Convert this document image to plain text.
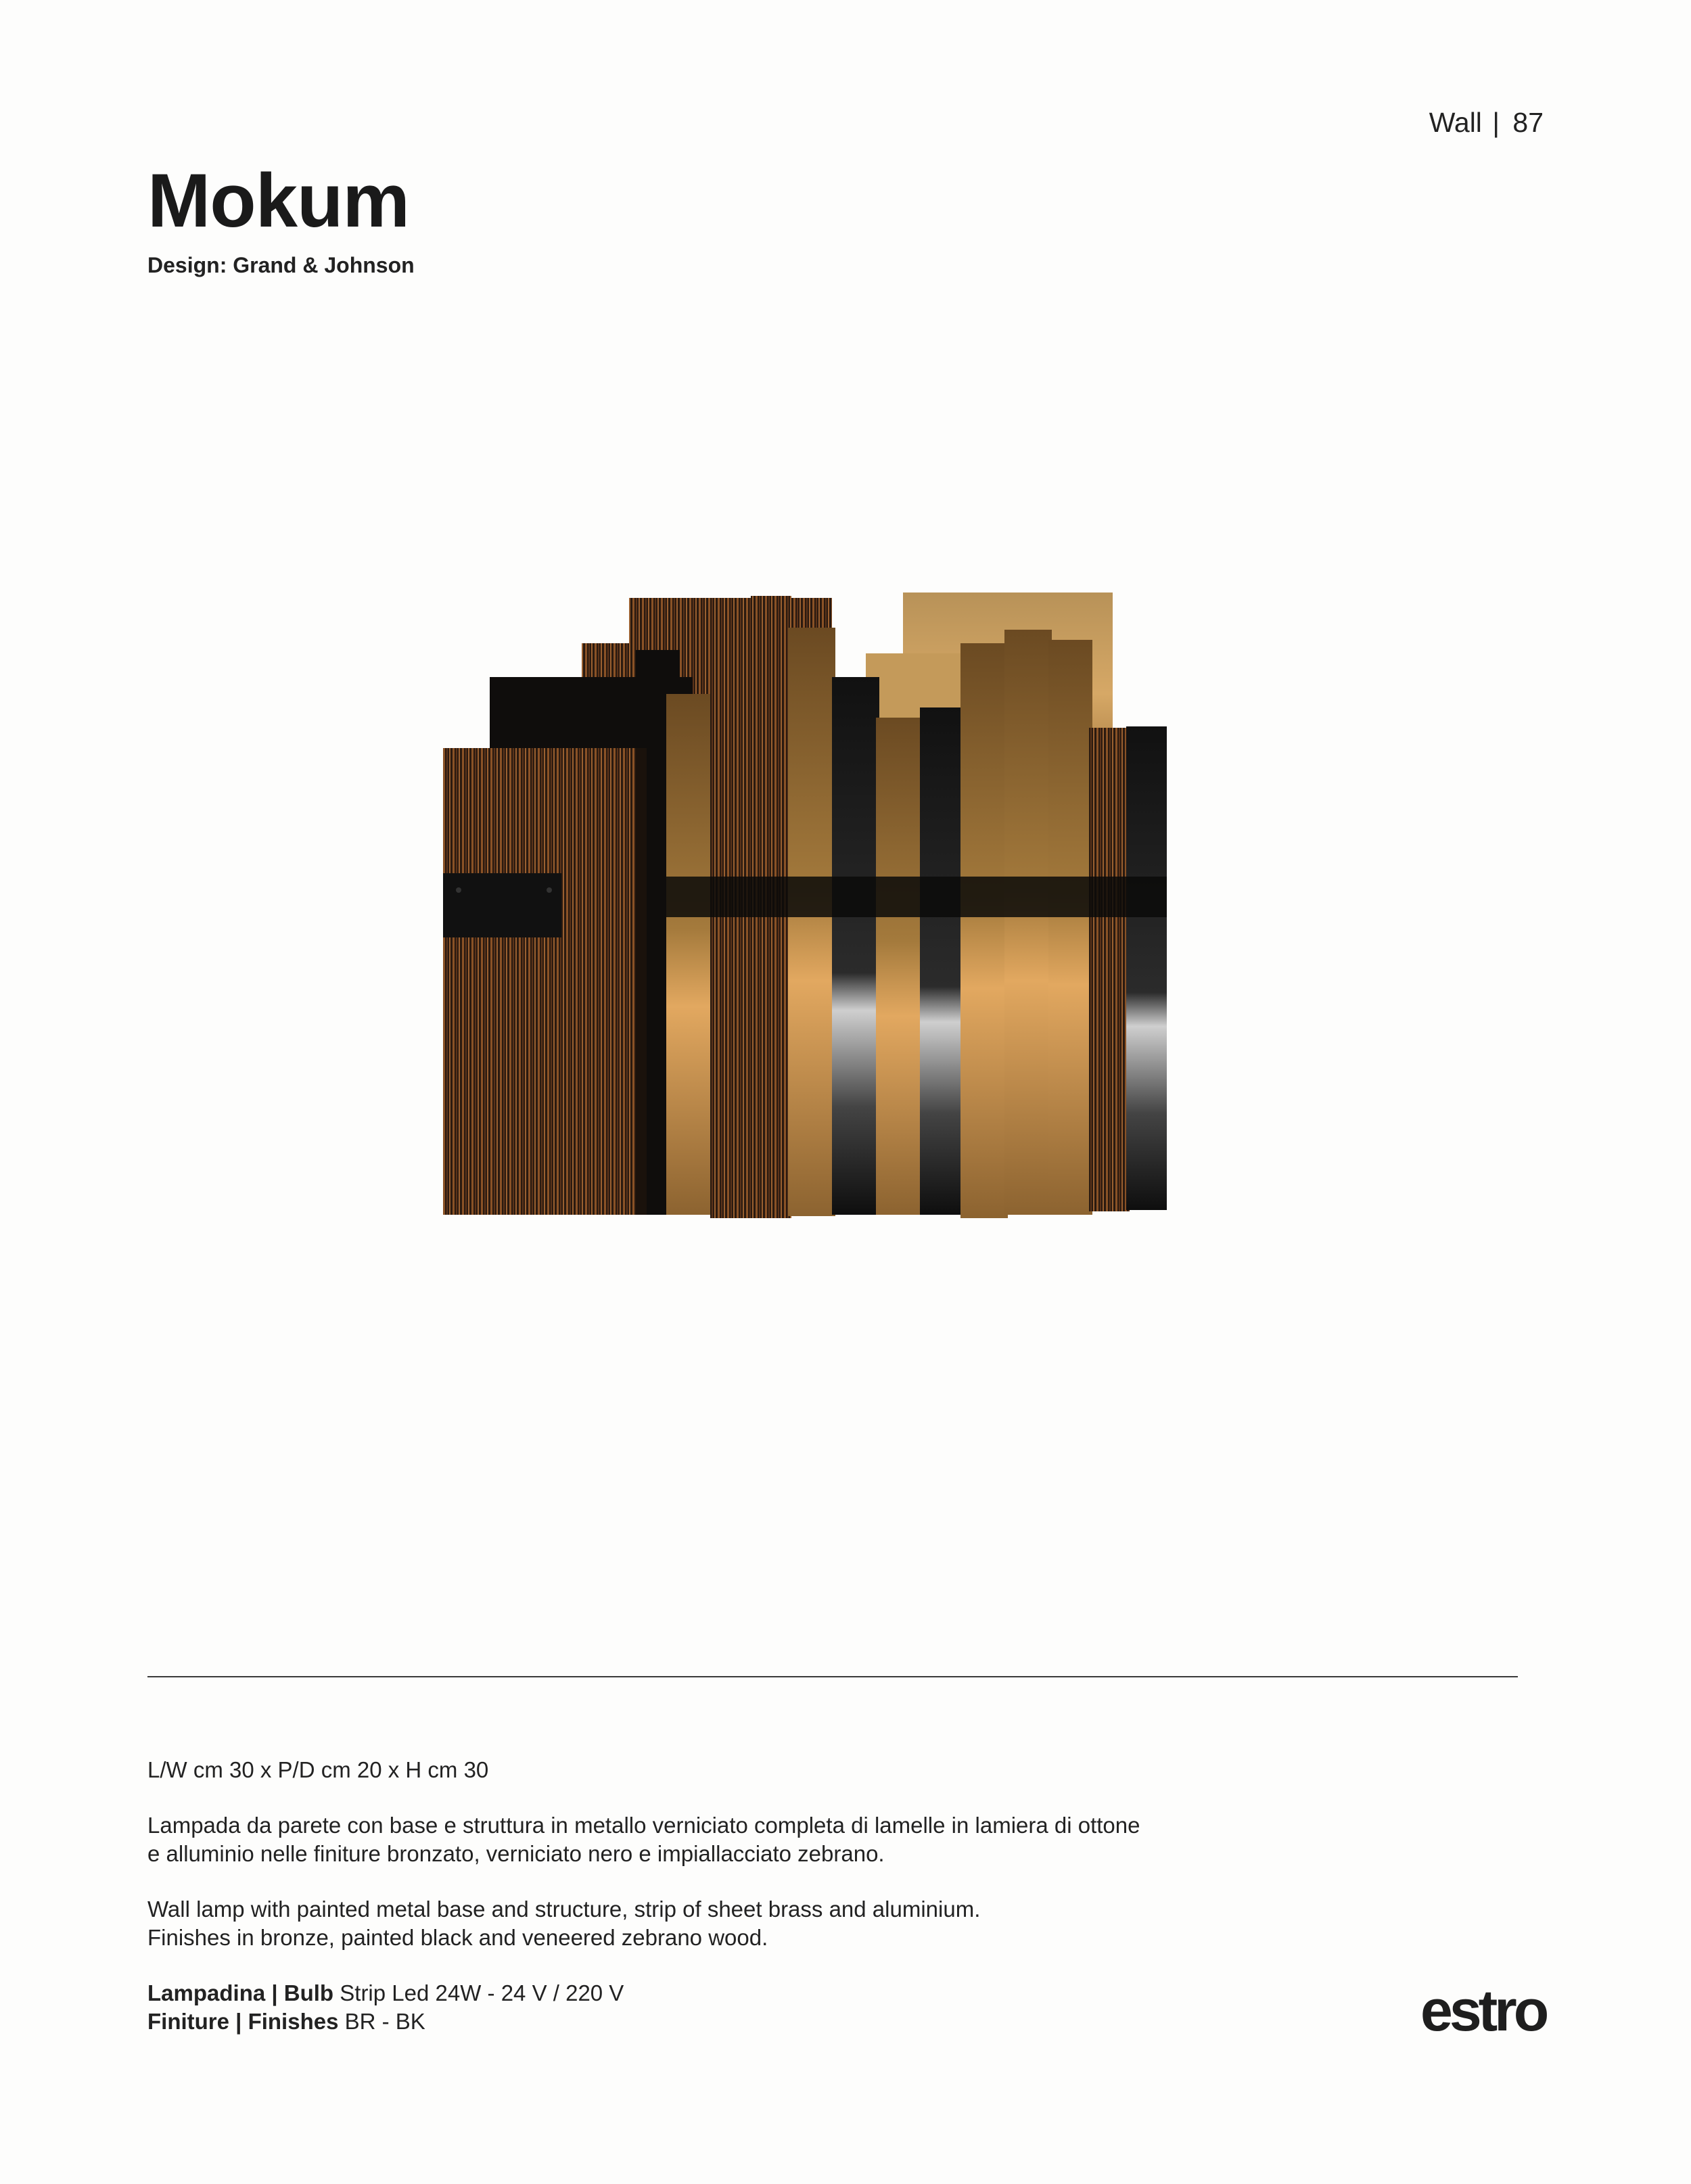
Wall | 87
Mokum
Design: Grand & Johnson

L/W cm 30 x P/D cm 20 x H cm 30

Lampada da parete con base e struttura in metallo verniciato completa di lamelle in lamiera di ottone

e alluminio nelle finiture bronzato, verniciato nero e impiallacciato zebrano.

Wall lamp with painted metal base and structure, strip of sheet brass and aluminium.

Finishes in bronze, painted black and veneered zebrano wood.

Lampadina | Bulb Strip Led 24W - 24 V / 220 V

Finiture | Finishes BR - BK	estro
